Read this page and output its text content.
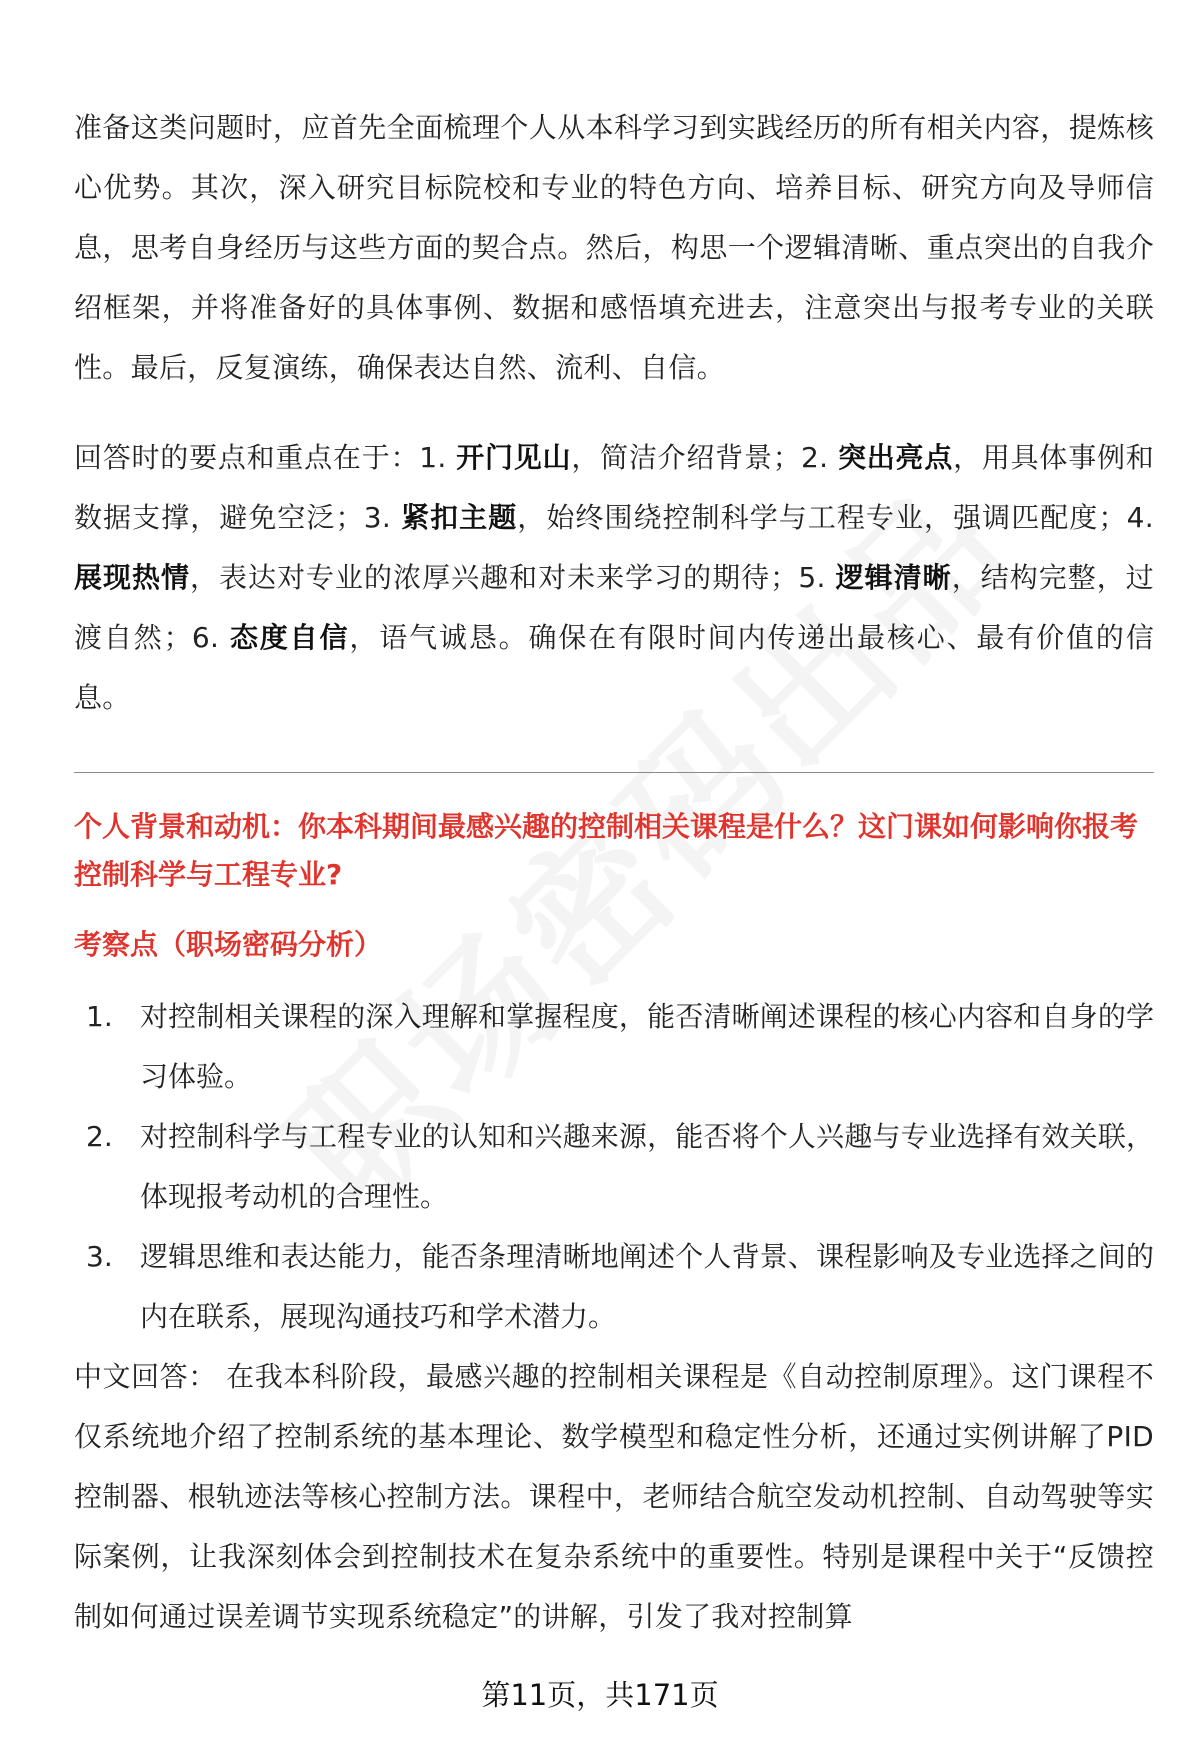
准备这类问题时，应首先全面梳理个人从本科学习到实践经历的所有相关内容，提炼核心优势。其次，深入研究目标院校和专业的特色方向、培养目标、研究方向及导师信息，思考自身经历与这些方面的契合点。然后，构思一个逻辑清晰、重点突出的自我介绍框架，并将准备好的具体事例、数据和感悟填充进去，注意突出与报考专业的关联性。最后，反复演练，确保表达自然、流利、自信。

回答时的要点和重点在于：1. 开门见山，简洁介绍背景；2. 突出亮点，用具体事例和数据支撑，避免空泛；3. 紧扣主题，始终围绕控制科学与工程专业，强调匹配度；4. 展现热情，表达对专业的浓厚兴趣和对未来学习的期待；5. 逻辑清晰，结构完整，过渡自然；6. 态度自信，语气诚恳。确保在有限时间内传递出最核心、最有价值的信息。

个人背景和动机：你本科期间最感兴趣的控制相关课程是什么？这门课如何影响你报考控制科学与工程专业?

考察点（职场密码分析）

1. 对控制相关课程的深入理解和掌握程度，能否清晰阐述课程的核心内容和自身的学习体验。
2. 对控制科学与工程专业的认知和兴趣来源，能否将个人兴趣与专业选择有效关联，体现报考动机的合理性。
3. 逻辑思维和表达能力，能否条理清晰地阐述个人背景、课程影响及专业选择之间的内在联系，展现沟通技巧和学术潜力。

中文回答： 在我本科阶段，最感兴趣的控制相关课程是《自动控制原理》。这门课程不仅系统地介绍了控制系统的基本理论、数学模型和稳定性分析，还通过实例讲解了PID控制器、根轨迹法等核心控制方法。课程中，老师结合航空发动机控制、自动驾驶等实际案例，让我深刻体会到控制技术在复杂系统中的重要性。特别是课程中关于“反馈控制如何通过误差调节实现系统稳定”的讲解，引发了我对控制算

第11页，共171页
